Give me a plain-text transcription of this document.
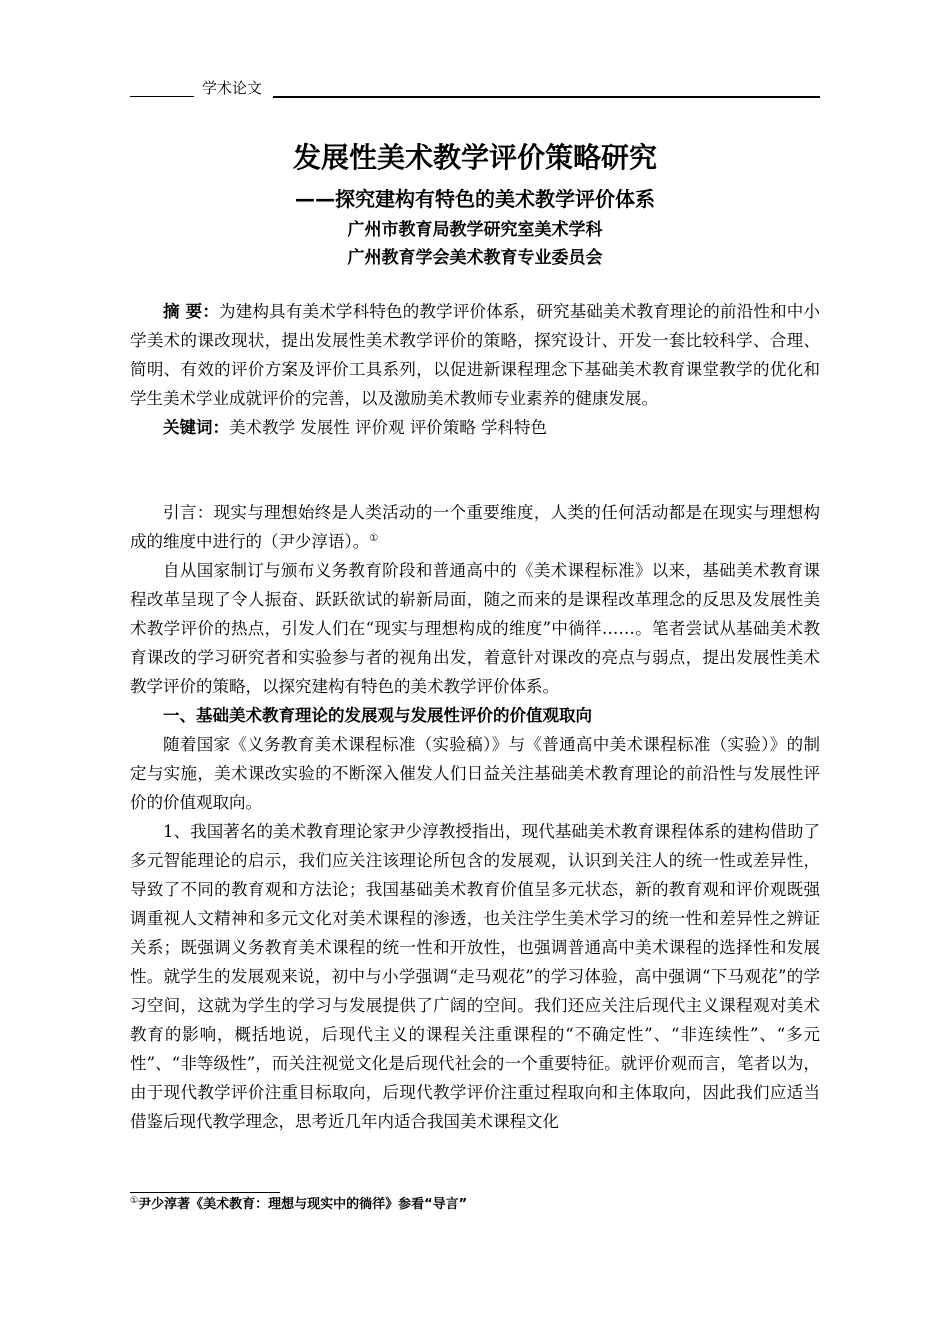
学术论文
发展性美术教学评价策略研究
——探究建构有特色的美术教学评价体系
广州市教育局教学研究室美术学科
广州教育学会美术教育专业委员会

摘 要：为建构具有美术学科特色的教学评价体系，研究基础美术教育理论的前沿性和中小学美术的课改现状，提出发展性美术教学评价的策略，探究设计、开发一套比较科学、合理、简明、有效的评价方案及评价工具系列，以促进新课程理念下基础美术教育课堂教学的优化和学生美术学业成就评价的完善，以及激励美术教师专业素养的健康发展。

关键词：美术教学 发展性 评价观 评价策略 学科特色

引言：现实与理想始终是人类活动的一个重要维度，人类的任何活动都是在现实与理想构成的维度中进行的（尹少淳语）。①

自从国家制订与颁布义务教育阶段和普通高中的《美术课程标准》以来，基础美术教育课程改革呈现了令人振奋、跃跃欲试的崭新局面，随之而来的是课程改革理念的反思及发展性美术教学评价的热点，引发人们在“现实与理想构成的维度”中徜徉……。笔者尝试从基础美术教育课改的学习研究者和实验参与者的视角出发，着意针对课改的亮点与弱点，提出发展性美术教学评价的策略，以探究建构有特色的美术教学评价体系。

一、基础美术教育理论的发展观与发展性评价的价值观取向

随着国家《义务教育美术课程标准（实验稿）》与《普通高中美术课程标准（实验）》的制定与实施，美术课改实验的不断深入催发人们日益关注基础美术教育理论的前沿性与发展性评价的价值观取向。

1、我国著名的美术教育理论家尹少淳教授指出，现代基础美术教育课程体系的建构借助了多元智能理论的启示，我们应关注该理论所包含的发展观，认识到关注人的统一性或差异性，导致了不同的教育观和方法论；我国基础美术教育价值呈多元状态，新的教育观和评价观既强调重视人文精神和多元文化对美术课程的渗透，也关注学生美术学习的统一性和差异性之辨证关系；既强调义务教育美术课程的统一性和开放性，也强调普通高中美术课程的选择性和发展性。就学生的发展观来说，初中与小学强调“走马观花”的学习体验，高中强调“下马观花”的学习空间，这就为学生的学习与发展提供了广阔的空间。我们还应关注后现代主义课程观对美术教育的影响，概括地说，后现代主义的课程关注重课程的“不确定性”、“非连续性”、“多元性”、“非等级性”，而关注视觉文化是后现代社会的一个重要特征。就评价观而言，笔者以为，由于现代教学评价注重目标取向，后现代教学评价注重过程取向和主体取向，因此我们应适当借鉴后现代教学理念，思考近几年内适合我国美术课程文化

①尹少淳著《美术教育：理想与现实中的徜徉》参看“导言”
